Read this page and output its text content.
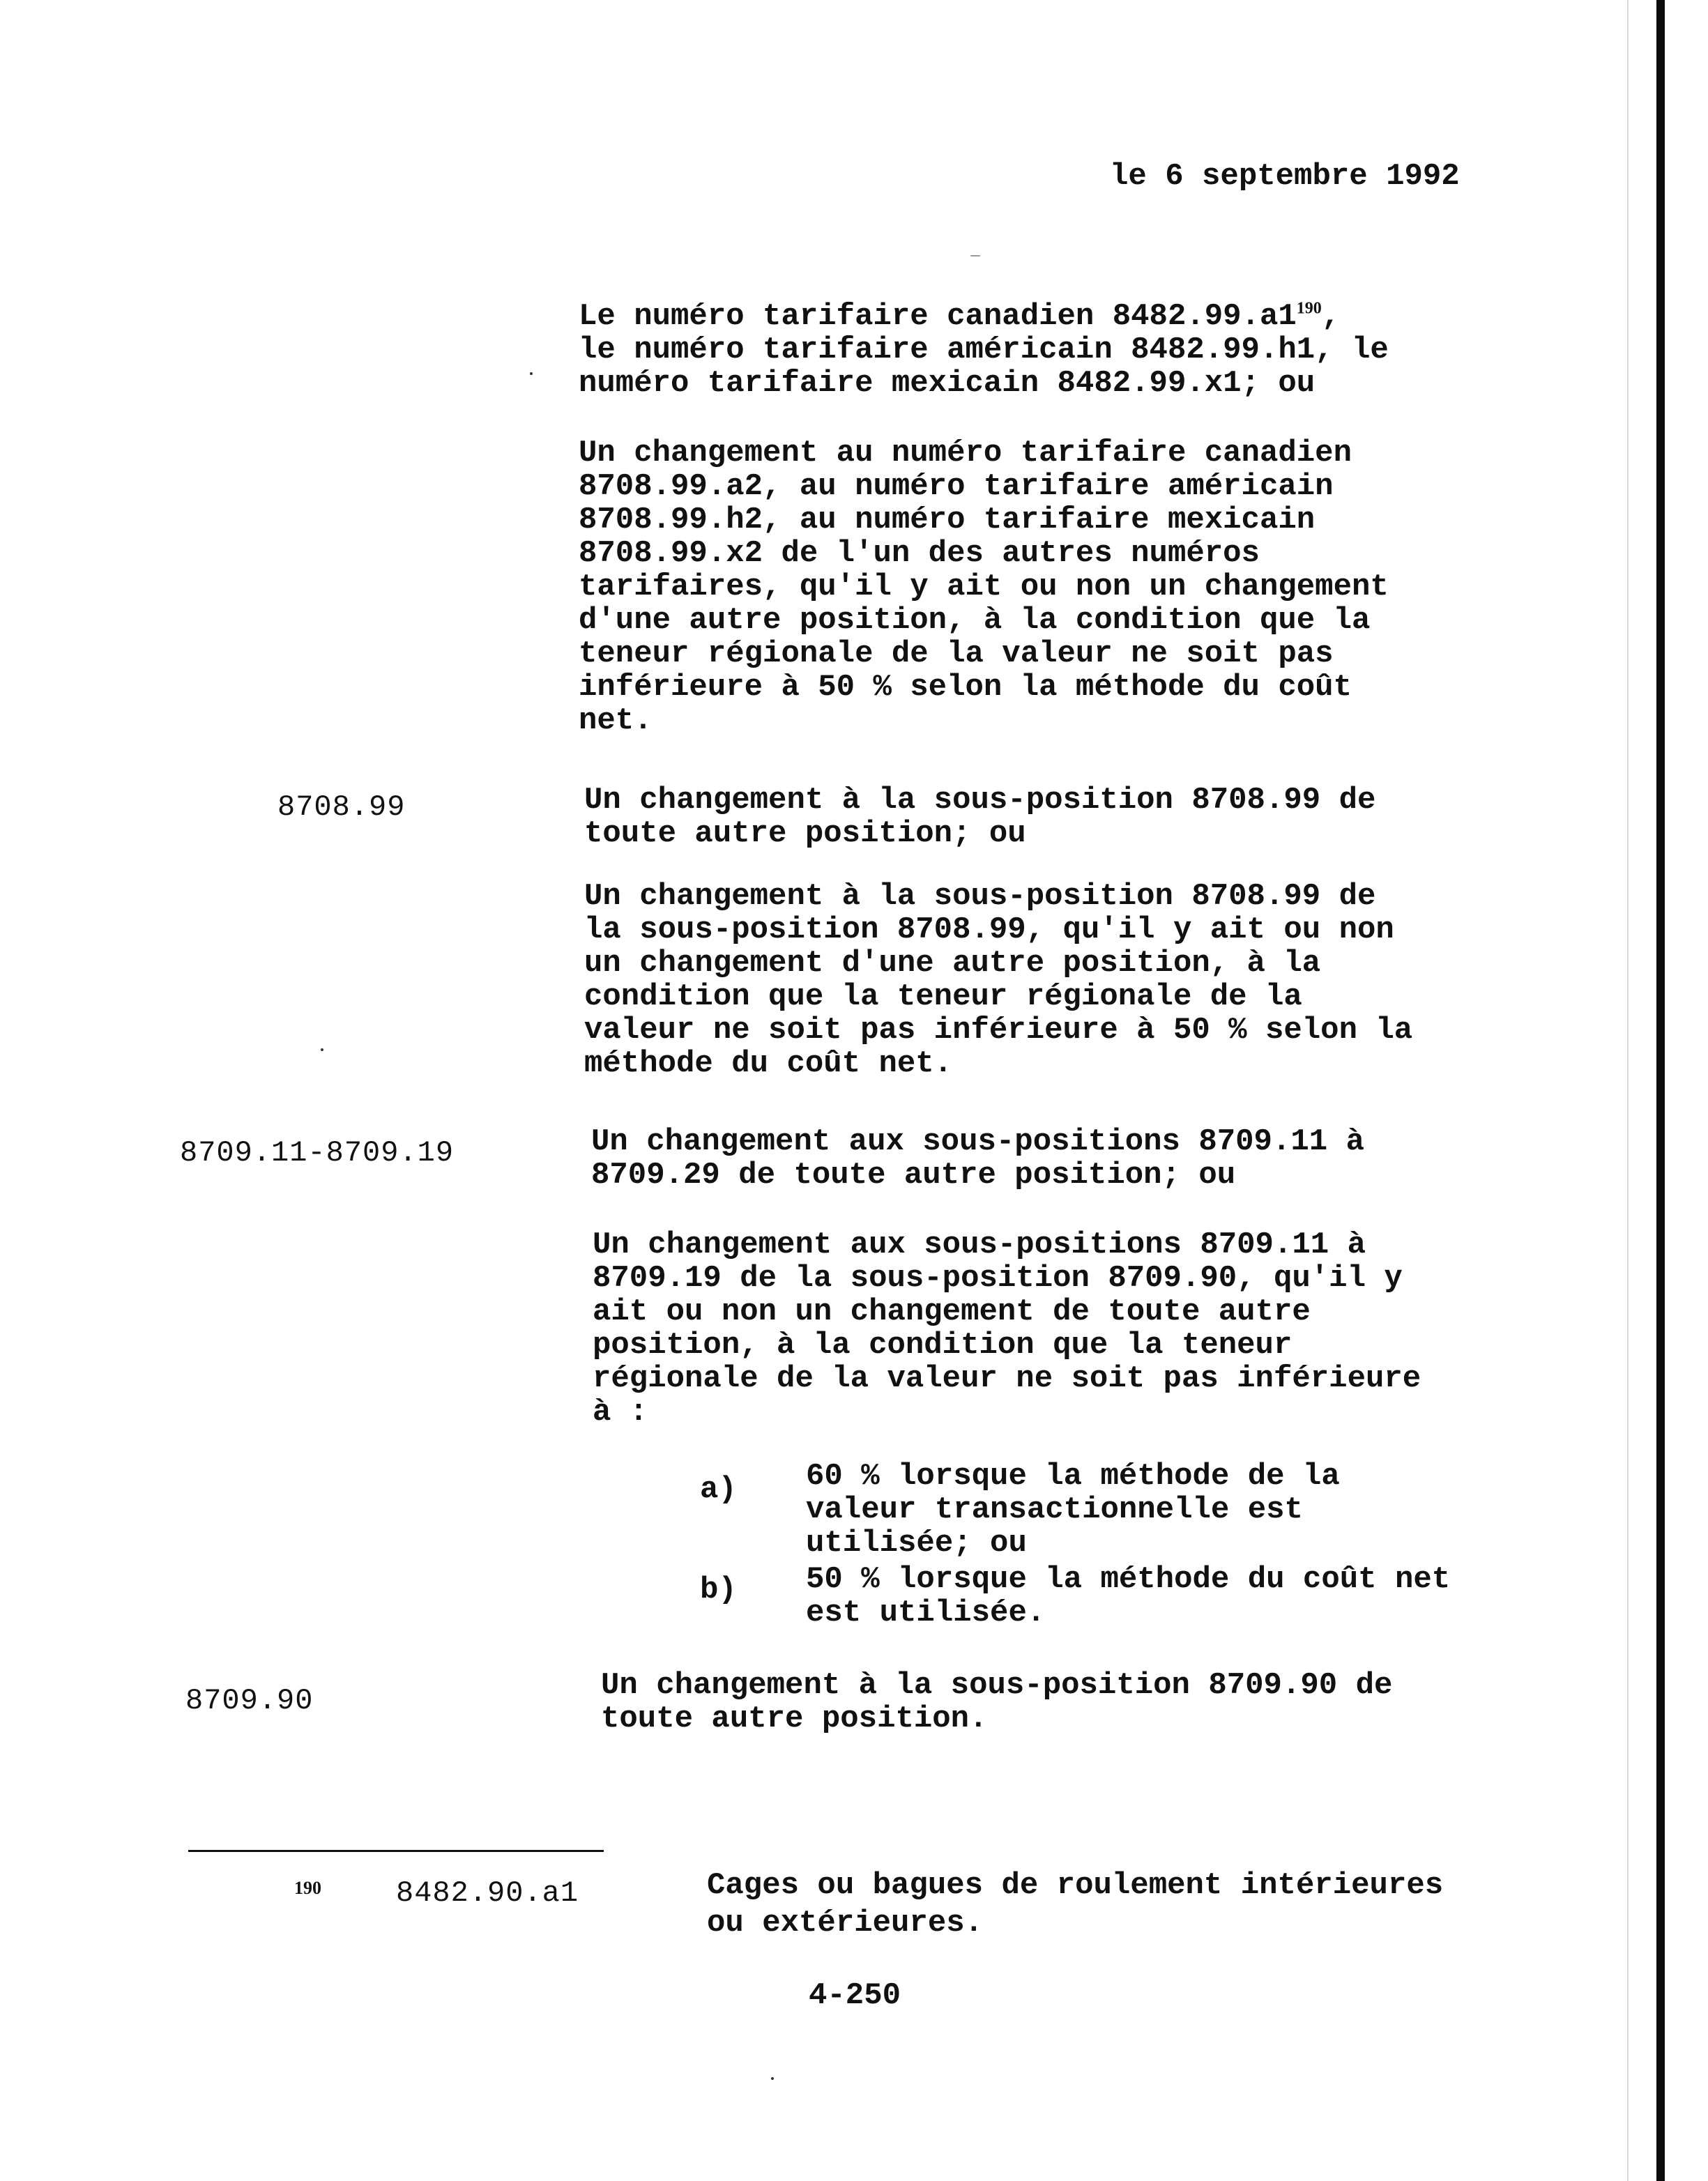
le 6 septembre 1992
Le numéro tarifaire canadien $8482.99.a1^{190}$,
le numéro tarifaire américain 8482.99.h1, le
numéro tarifaire mexicain 8482.99.x1; ou
Un changement au numéro tarifaire canadien
8708.99.a2, au numéro tarifaire américain
8708.99.h2, au numéro tarifaire mexicain
8708.99.x2 de l'un des autres numéros
tarifaires, qu'il y ait ou non un changement
d'une autre position, à la condition que la
teneur régionale de la valeur ne soit pas
inférieure à 50 % selon la méthode du coût
net.
8708.99	Un changement à la sous-position 8708.99 de
toute autre position; ou
Un changement à la sous-position 8708.99 de
la sous-position 8708.99, qu'il y ait ou non
un changement d'une autre position, à la
condition que la teneur régionale de la
valeur ne soit pas inférieure à 50 % selon la
méthode du coût net.
8709.11-8709.19	Un changement aux sous-positions 8709.11 à
8709.29 de toute autre position; ou
Un changement aux sous-positions 8709.11 à
8709.19 de la sous-position 8709.90, qu'il y
ait ou non un changement de toute autre
position, à la condition que la teneur
régionale de la valeur ne soit pas inférieure
à :
a) 60 % lorsque la méthode de la
valeur transactionnelle est
utilisée; ou
b) 50 % lorsque la méthode du coût net
est utilisée.
8709.90	Un changement à la sous-position 8709.90 de
toute autre position.
190	8482.90.a1	Cages ou bagues de roulement intérieures
ou extérieures.
4-250
